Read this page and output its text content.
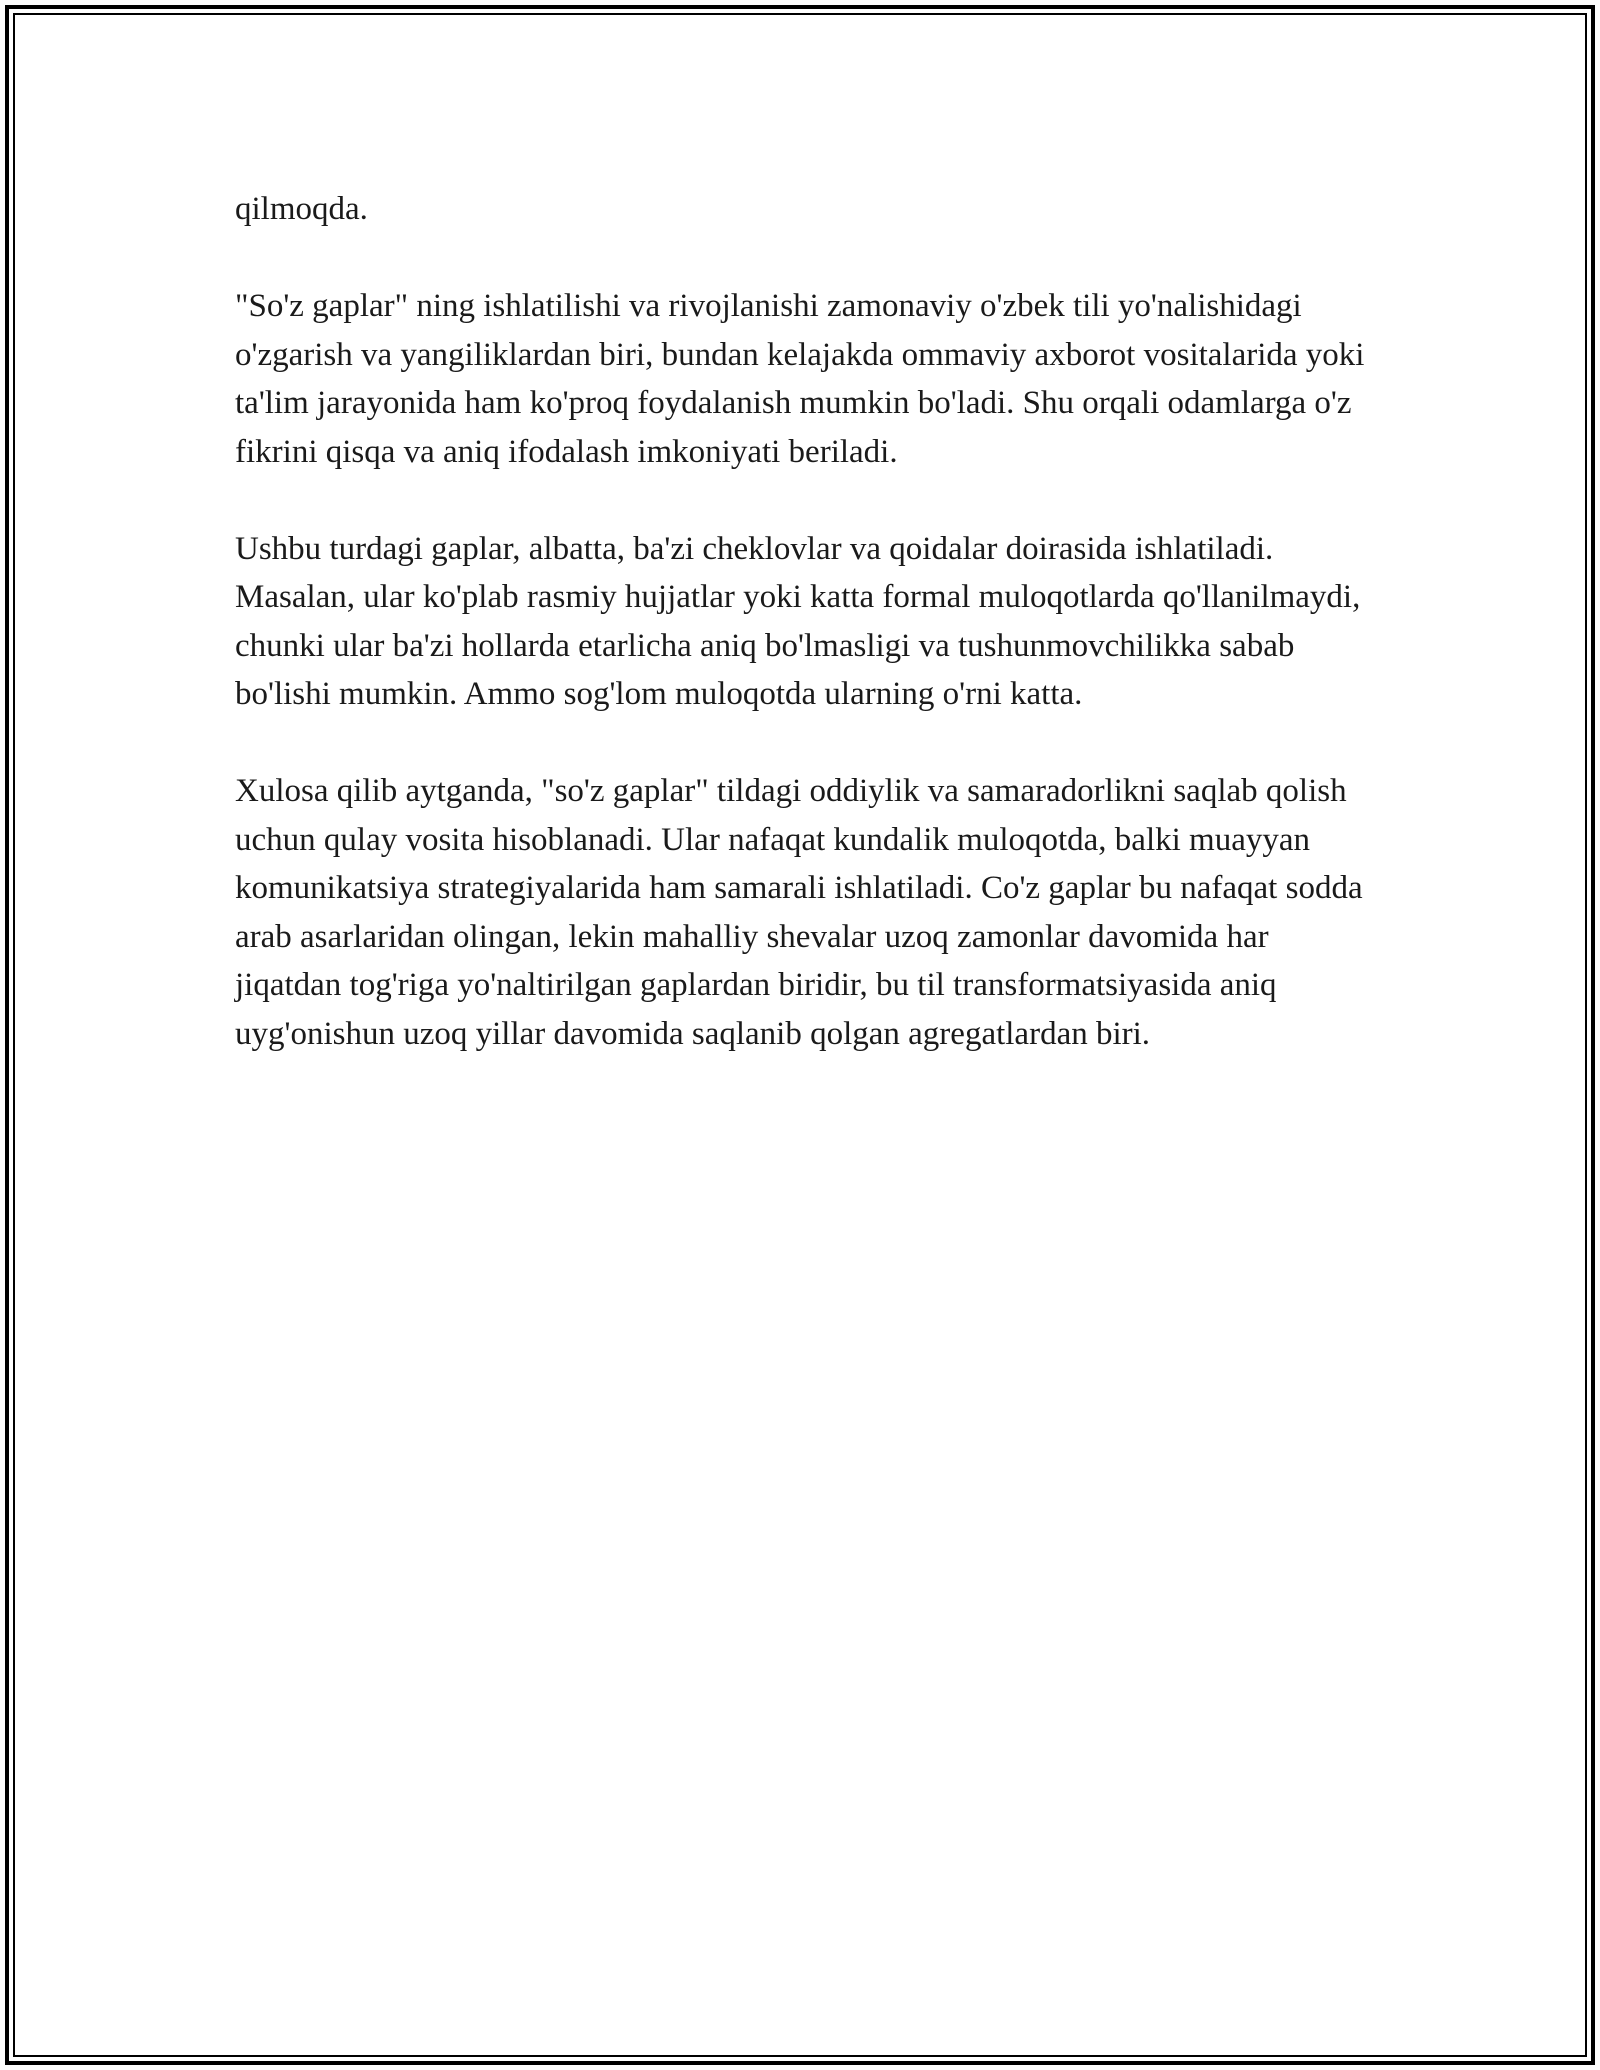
qilmoqda.

"So'z gaplar" ning ishlatilishi va rivojlanishi zamonaviy o'zbek tili yo'nalishidagi o'zgarish va yangiliklardan biri, bundan kelajakda ommaviy axborot vositalarida yoki ta'lim jarayonida ham ko'proq foydalanish mumkin bo'ladi. Shu orqali odamlarga o'z fikrini qisqa va aniq ifodalash imkoniyati beriladi.

Ushbu turdagi gaplar, albatta, ba'zi cheklovlar va qoidalar doirasida ishlatiladi. Masalan, ular ko'plab rasmiy hujjatlar yoki katta formal muloqotlarda qo'llanilmaydi, chunki ular ba'zi hollarda etarlicha aniq bo'lmasligi va tushunmovchilikka sabab bo'lishi mumkin. Ammo sog'lom muloqotda ularning o'rni katta.

Xulosa qilib aytganda, "so'z gaplar" tildagi oddiylik va samaradorlikni saqlab qolish uchun qulay vosita hisoblanadi. Ular nafaqat kundalik muloqotda, balki muayyan komunikatsiya strategiyalarida ham samarali ishlatiladi. Co'z gaplar bu nafaqat sodda arab asarlaridan olingan, lekin mahalliy shevalar uzoq zamonlar davomida har jiqatdan tog'riga yo'naltirilgan gaplardan biridir, bu til transformatsiyasida aniq uyg'onishun uzoq yillar davomida saqlanib qolgan agregatlardan biri.
